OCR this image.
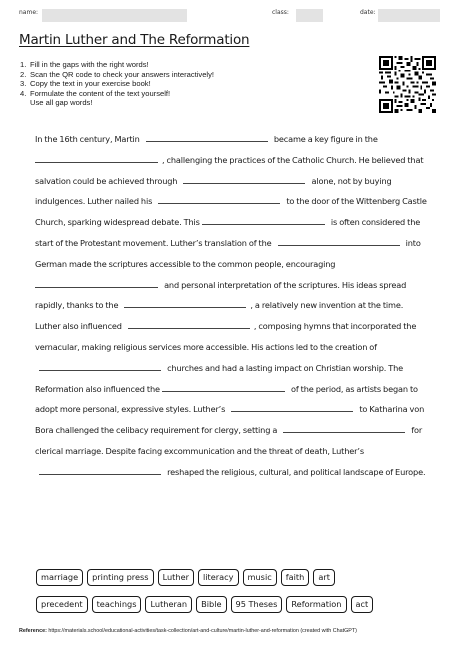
name:	class:	date:
Martin Luther and The Reformation
1. Fill in the gaps with the right words!
2. Scan the QR code to check your answers interactively!
3. Copy the text in your exercise book!
4. Formulate the content of the text yourself!
Use all gap words!
In the 16th century, Martin	became a key figure in the , challenging the practices of the Catholic Church. He believed that salvation could be achieved through	alone, not by buying indulgences. Luther nailed his	to the door of the Wittenberg Castle Church, sparking widespread debate. This	is often considered the start of the Protestant movement. Luther’s translation of the	into German made the scriptures accessible to the common people, encouraging  and personal interpretation of the scriptures. His ideas spread rapidly, thanks to the	, a relatively new invention at the time. Luther also influenced	, composing hymns that incorporated the vernacular, making religious services more accessible. His actions led to the creation of  churches and had a lasting impact on Christian worship. The Reformation also influenced the	of the period, as artists began to adopt more personal, expressive styles. Luther’s	to Katharina von Bora challenged the celibacy requirement for clergy, setting a	for clerical marriage. Despite facing excommunication and the threat of death, Luther’s  reshaped the religious, cultural, and political landscape of Europe.
marriage	printing press	Luther	literacy	music	faith	art
precedent	teachings	Lutheran	Bible	95 Theses	Reformation	act
Reference: https://materials.school/educational-activities/task-collection/art-and-culture/martin-luther-and-reformation (created with ChatGPT)
